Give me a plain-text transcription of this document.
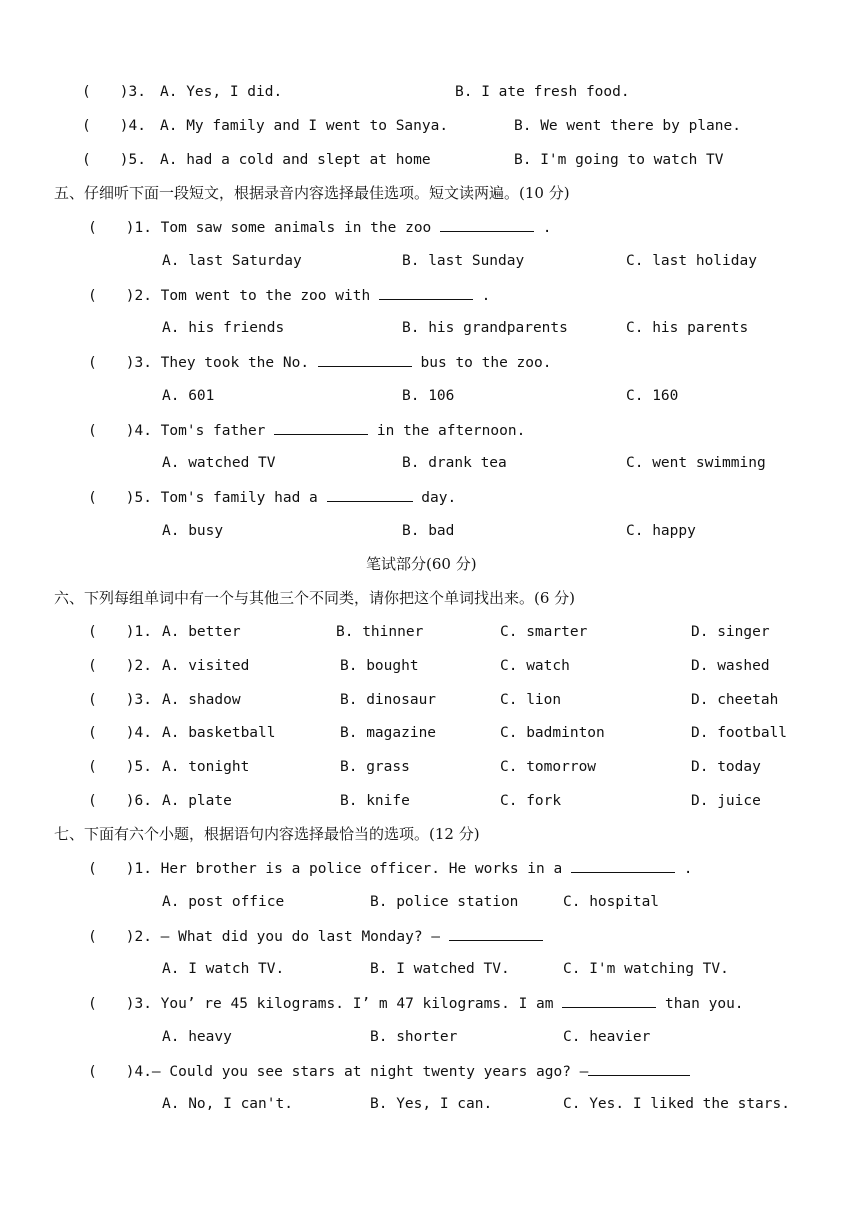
(　　)3. A. Yes, I did.	B. I ate fresh food.
(　　)4. A. My family and I went to Sanya.	B. We went there by plane.
(　　)5. A. had a cold and slept at home	B. I'm going to watch TV
五、仔细听下面一段短文，根据录音内容选择最佳选项。短文读两遍。(10 分)
(　　)1. Tom saw some animals in the zoo	.
A. last Saturday	B. last Sunday	C. last holiday
(　　)2. Tom went to the zoo with	.
A. his friends	B. his grandparents	C. his parents
(　　)3. They took the No.	bus to the zoo.
A. 601	B. 106	C. 160
(　　)4. Tom's father	in the afternoon.
A. watched TV	B. drank tea	C. went swimming
(　　)5. Tom's family had a	day.
A. busy	B. bad	C. happy
笔试部分(60 分)
六、下列每组单词中有一个与其他三个不同类，请你把这个单词找出来。(6 分)
(　　)1. A. better	B. thinner	C. smarter	D. singer
(　　)2. A. visited	B. bought	C. watch	D. washed
(　　)3. A. shadow	B. dinosaur	C. lion	D. cheetah
(　　)4. A. basketball	B. magazine	C. badminton	D. football
(　　)5. A. tonight	B. grass	C. tomorrow	D. today
(　　)6. A. plate	B. knife	C. fork	D. juice
七、下面有六个小题，根据语句内容选择最恰当的选项。(12 分)
(　　)1. Her brother is a police officer. He works in a	.
A. post office	B. police station	C. hospital
(　　)2. — What did you do last Monday? —
A. I watch TV.	B. I watched TV.	C. I'm watching TV.
(　　)3. You’ re 45 kilograms. I’ m 47 kilograms. I am	than you.
A. heavy	B. shorter	C. heavier
(　　)4.— Could you see stars at night twenty years ago? —
A. No, I can't.	B. Yes, I can.	C. Yes. I liked the stars.
